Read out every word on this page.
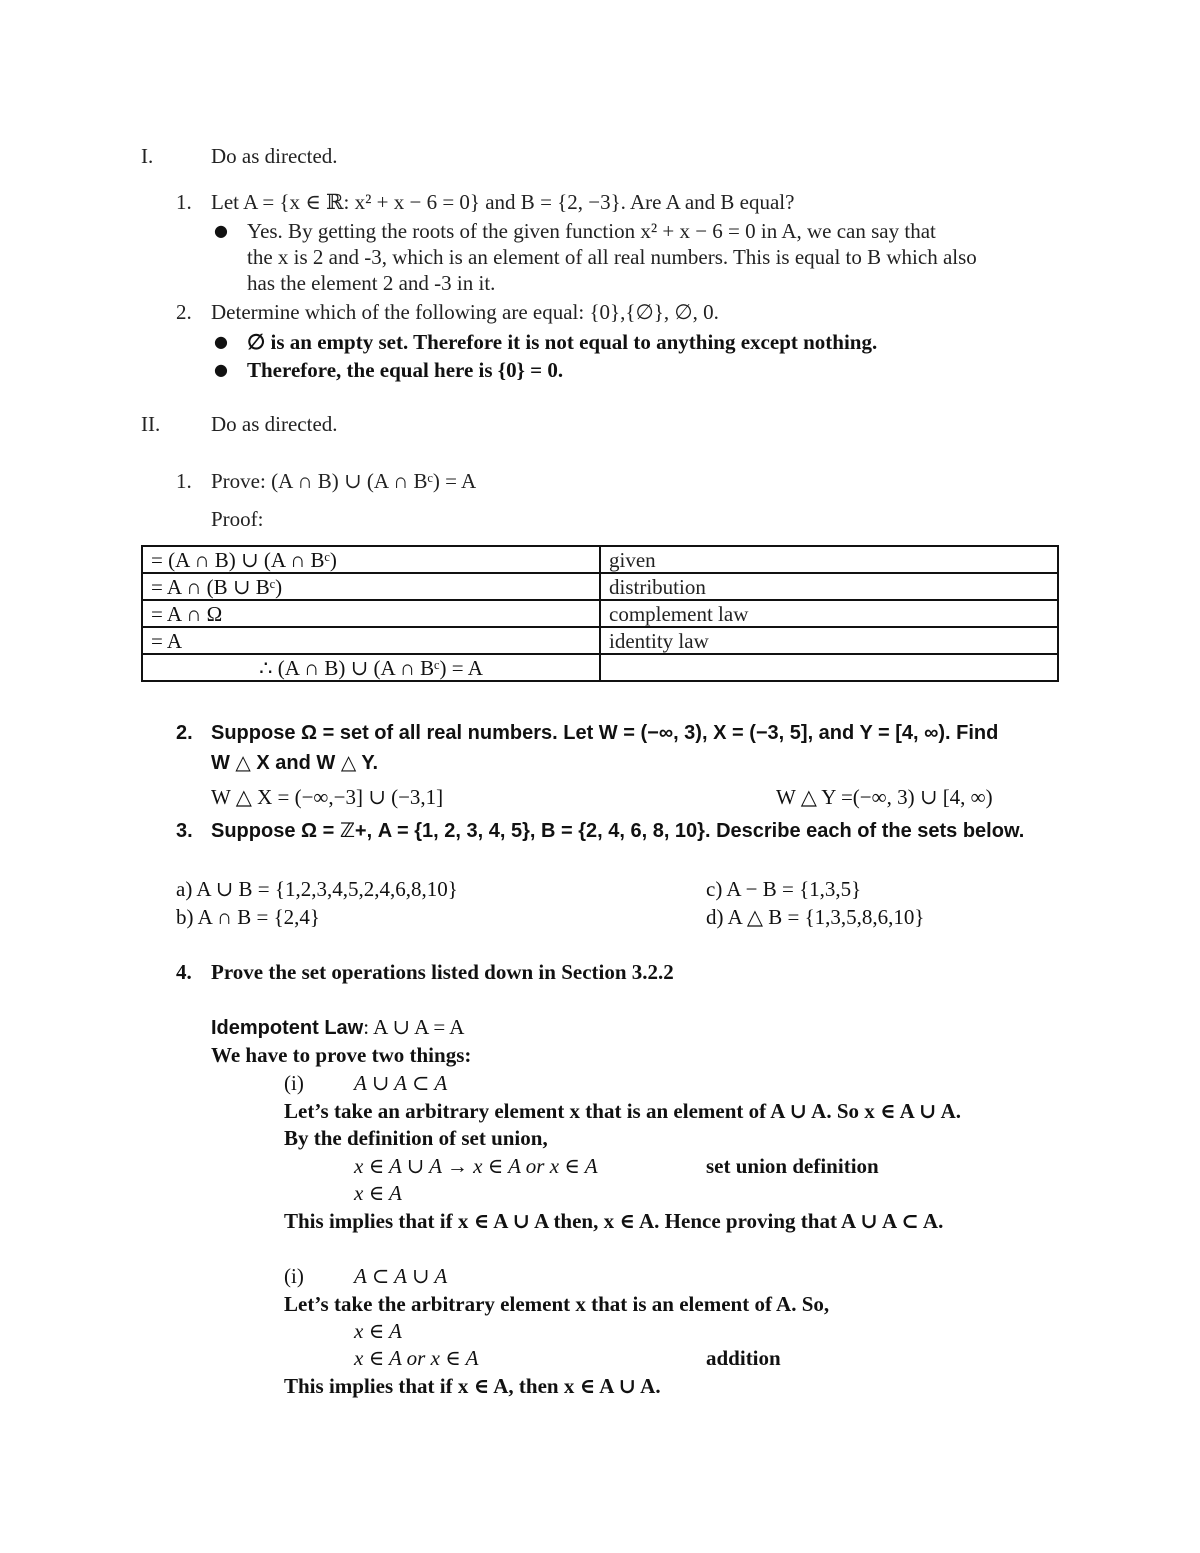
I.	Do as directed.
1. Let A = {x ∈ ℝ: x² + x − 6 = 0} and B = {2, −3}. Are A and B equal?
● Yes. By getting the roots of the given function x² + x − 6 = 0 in A, we can say that
the x is 2 and -3, which is an element of all real numbers. This is equal to B which also
has the element 2 and -3 in it.
2. Determine which of the following are equal: {0},{∅}, ∅, 0.
● ∅ is an empty set. Therefore it is not equal to anything except nothing.
● Therefore, the equal here is {0} = 0.
II. Do as directed.
1. Prove: (A ∩ B) ∪ (A ∩ Bᶜ) = A
Proof:
= (A ∩ B) ∪ (A ∩ Bᶜ)	given
= A ∩ (B ∪ Bᶜ)	distribution
= A ∩ Ω	complement law
= A	identity law
∴ (A ∩ B) ∪ (A ∩ Bᶜ) = A	
2. Suppose Ω = set of all real numbers. Let W = (−∞, 3), X = (−3, 5], and Y = [4, ∞). Find
W △ X and W △ Y.
W △ X = (−∞,−3] ∪ (−3,1]	W △ Y =(−∞, 3) ∪ [4, ∞)
3. Suppose Ω = ℤ+, A = {1, 2, 3, 4, 5}, B = {2, 4, 6, 8, 10}. Describe each of the sets below.
a) A ∪ B = {1,2,3,4,5,2,4,6,8,10}
b) A ∩ B = {2,4}
c) A − B = {1,3,5}
d) A △ B = {1,3,5,8,6,10}
4. Prove the set operations listed down in Section 3.2.2
Idempotent Law: A ∪ A = A
We have to prove two things:
(i) A ∪ A ⊂ A
Let’s take an arbitrary element x that is an element of A ∪ A. So x ∈ A ∪ A.
By the definition of set union,
x ∈ A ∪ A → x ∈ A or x ∈ A	set union definition
x ∈ A
This implies that if x ∈ A ∪ A then, x ∈ A. Hence proving that A ∪ A ⊂ A.
(i) A ⊂ A ∪ A
Let’s take the arbitrary element x that is an element of A. So,
x ∈ A
x ∈ A or x ∈ A	addition
This implies that if x ∈ A, then x ∈ A ∪ A.
